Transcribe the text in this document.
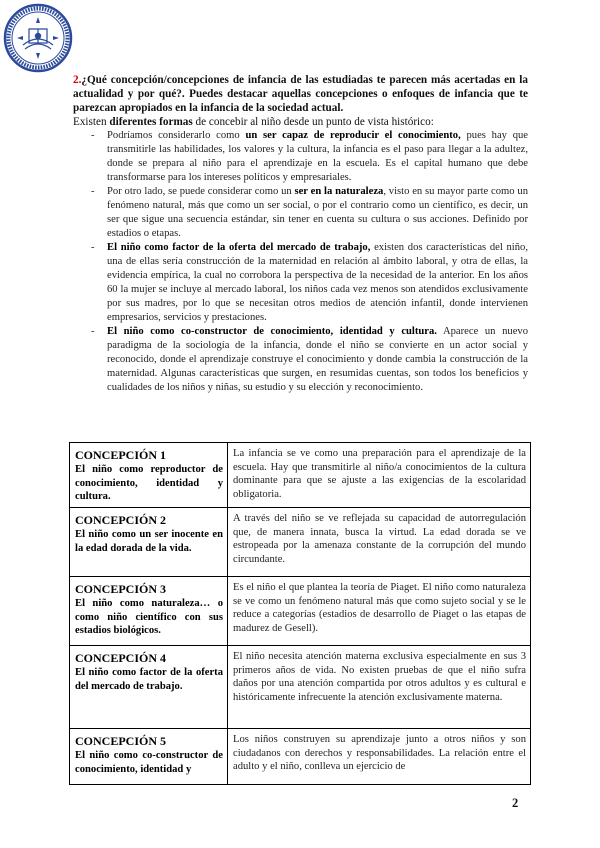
2.¿Qué concepción/concepciones de infancia de las estudiadas te parecen más acertadas en la actualidad y por qué?. Puedes destacar aquellas concepciones o enfoques de infancia que te parezcan apropiados en la infancia de la sociedad actual.

Existen diferentes formas de concebir al niño desde un punto de vista histórico:

- Podríamos considerarlo como un ser capaz de reproducir el conocimiento, pues hay que transmitirle las habilidades, los valores y la cultura, la infancia es el paso para llegar a la adultez, donde se prepara al niño para el aprendizaje en la escuela. Es el capital humano que debe transformarse para los intereses políticos y empresariales.
- Por otro lado, se puede considerar como un ser en la naturaleza, visto en su mayor parte como un fenómeno natural, más que como un ser social, o por el contrario como un científico, es decir, un ser que sigue una secuencia estándar, sin tener en cuenta su cultura o sus acciones. Definido por estadios o etapas.
- El niño como factor de la oferta del mercado de trabajo, existen dos características del niño, una de ellas sería construcción de la maternidad en relación al ámbito laboral, y otra de ellas, la evidencia empírica, la cual no corrobora la perspectiva de la necesidad de la anterior. En los años 60 la mujer se incluye al mercado laboral, los niños cada vez menos son atendidos exclusivamente por sus madres, por lo que se necesitan otros medios de atención infantil, donde intervienen empresarios, servicios y prestaciones.
- El niño como co-constructor de conocimiento, identidad y cultura. Aparece un nuevo paradigma de la sociología de la infancia, donde el niño se convierte en un actor social y reconocido, donde el aprendizaje construye el conocimiento y donde cambia la construcción de la maternidad. Algunas características que surgen, en resumidas cuentas, son todos los beneficios y cualidades de los niños y niñas, su estudio y su elección y reconocimiento.
CONCEPCIÓN 1
El niño como reproductor de conocimiento, identidad y cultura.	La infancia se ve como una preparación para el aprendizaje de la escuela. Hay que transmitirle al niño/a conocimientos de la cultura dominante para que se ajuste a las exigencias de la escolaridad obligatoria.

CONCEPCIÓN 2
El niño como un ser inocente en la edad dorada de la vida.	A través del niño se ve reflejada su capacidad de autorregulación que, de manera innata, busca la virtud. La edad dorada se ve estropeada por la amenaza constante de la corrupción del mundo circundante.

CONCEPCIÓN 3
El niño como naturaleza… o como niño científico con sus estadios biológicos.	Es el niño el que plantea la teoría de Piaget. El niño como naturaleza se ve como un fenómeno natural más que como sujeto social y se le reduce a categorías (estadios de desarrollo de Piaget o las etapas de madurez de Gesell).

CONCEPCIÓN 4
El niño como factor de la oferta del mercado de trabajo.	El niño necesita atención materna exclusiva especialmente en sus 3 primeros años de vida. No existen pruebas de que el niño sufra daños por una atención compartida por otros adultos y es cultural e históricamente infrecuente la atención exclusivamente materna.

CONCEPCIÓN 5
El niño como co-constructor de conocimiento, identidad y	Los niños construyen su aprendizaje junto a otros niños y son ciudadanos con derechos y responsabilidades. La relación entre el adulto y el niño, conlleva un ejercicio de
2
